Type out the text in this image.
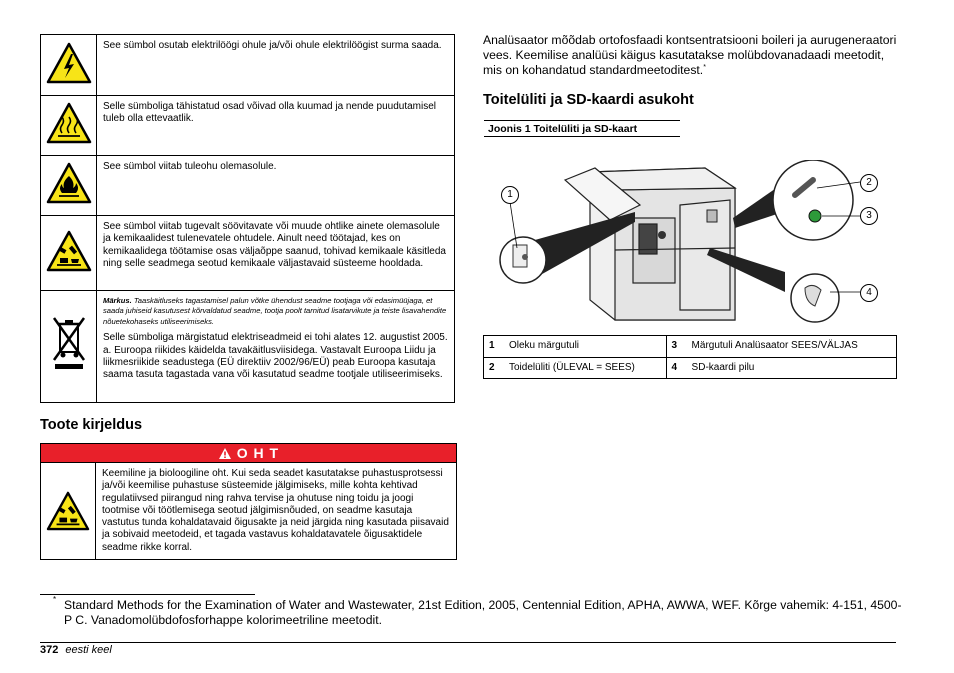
	See sümbol osutab elektrilöögi ohule ja/või ohule elektrilöögist surma saada.
	Selle sümboliga tähistatud osad võivad olla kuumad ja nende puudutamisel tuleb olla ettevaatlik.
	See sümbol viitab tuleohu olemasolule.
	See sümbol viitab tugevalt söövitavate või muude ohtlike ainete olemasolule ja kemikaalidest tulenevatele ohtudele. Ainult need töötajad, kes on kemikaalidega töötamise osas väljaõppe saanud, tohivad kemikaale käsitleda ning selle seadmega seotud kemikaale väljastavaid süsteeme hooldada.

Märkus. Taaskäitluseks tagastamisel palun võtke ühendust seadme tootjaga või edasimüüjaga, et saada juhiseid kasutusest kõrvaldatud seadme, tootja poolt tarnitud lisatarvikute ja teiste lisavahendite nõuetekohaseks utiliseerimiseks.
Selle sümboliga märgistatud elektriseadmeid ei tohi alates 12. augustist 2005. a. Euroopa riikides käidelda tavakäitlusviisidega. Vastavalt Euroopa Liidu ja liikmesriikide seadustega (EÜ direktiiv 2002/96/EÜ) peab Euroopa kasutaja saama tasuta tagastada vana või kasutatud seadme tootjale utiliseerimiseks.
Toote kirjeldus
O H T
Keemiline ja bioloogiline oht. Kui seda seadet kasutatakse puhastusprotsessi ja/või keemilise puhastuse süsteemide jälgimiseks, mille kohta kehtivad regulatiivsed piirangud ning rahva tervise ja ohutuse ning toidu ja joogi tootmise või töötlemisega seotud jälgimisnõuded, on seadme kasutaja vastutus tunda kohaldatavaid õigusakte ja neid järgida ning kasutada piisavaid ja sobivaid meetodeid, et tagada vastavus kohaldatavatele õigusaktidele seadme rikke korral.

Analüsaator mõõdab ortofosfaadi kontsentratsiooni boileri ja aurugeneraatori vees. Keemilise analüüsi käigus kasutatakse molübdovanadaadi meetodit, mis on kohandatud standardmeetoditest.*

Toitelüliti ja SD-kaardi asukoht
Joonis 1 Toitelüliti ja SD-kaart
1
2
3
4
1	Oleku märgutuli	3	Märgutuli Analüsaator SEES/VÄLJAS
2	Toidelüliti (ÜLEVAL = SEES)	4	SD-kaardi pilu
* Standard Methods for the Examination of Water and Wastewater, 21st Edition, 2005, Centennial Edition, APHA, AWWA, WEF. Kõrge vahemik: 4-151, 4500-P C. Vanadomolübdofosforhappe kolorimeetriline meetodit.
372 eesti keel
